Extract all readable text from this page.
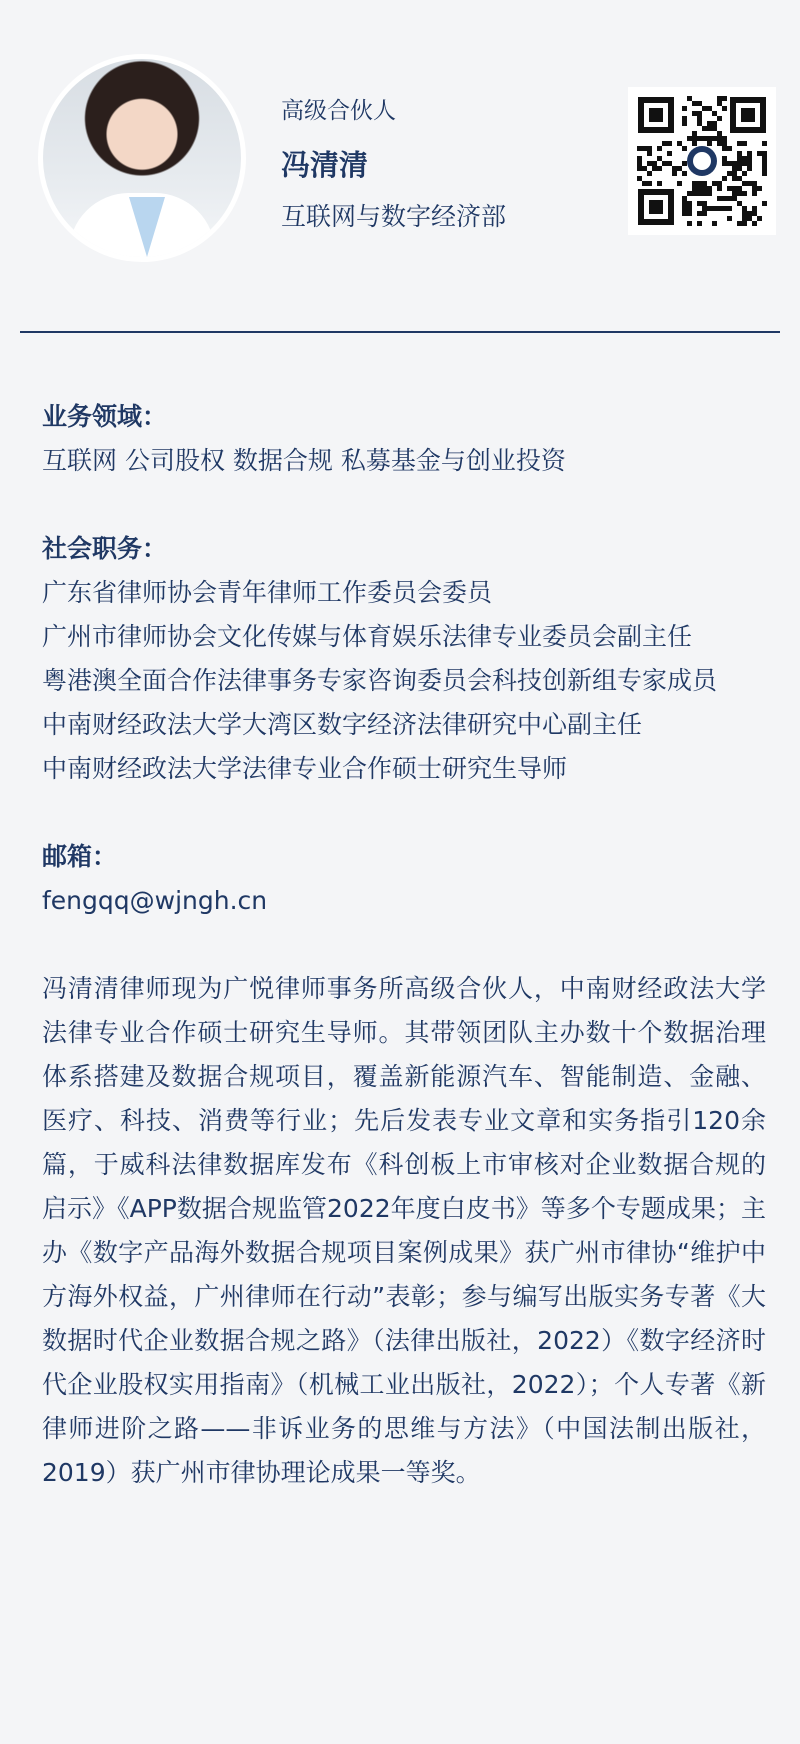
高级合伙人
冯清清
互联网与数字经济部
业务领域：
互联网 公司股权 数据合规 私募基金与创业投资
社会职务：
广东省律师协会青年律师工作委员会委员
广州市律师协会文化传媒与体育娱乐法律专业委员会副主任
粤港澳全面合作法律事务专家咨询委员会科技创新组专家成员
中南财经政法大学大湾区数字经济法律研究中心副主任
中南财经政法大学法律专业合作硕士研究生导师
邮箱：
fengqq@wjngh.cn
冯清清律师现为广悦律师事务所高级合伙人，中南财经政法大学法律专业合作硕士研究生导师。其带领团队主办数十个数据治理体系搭建及数据合规项目，覆盖新能源汽车、智能制造、金融、医疗、科技、消费等行业；先后发表专业文章和实务指引120余篇，于威科法律数据库发布《科创板上市审核对企业数据合规的启示》《APP数据合规监管2022年度白皮书》等多个专题成果；主办《数字产品海外数据合规项目案例成果》获广州市律协“维护中方海外权益，广州律师在行动”表彰；参与编写出版实务专著《大数据时代企业数据合规之路》（法律出版社，2022）《数字经济时代企业股权实用指南》（机械工业出版社，2022）；个人专著《新律师进阶之路——非诉业务的思维与方法》（中国法制出版社，2019）获广州市律协理论成果一等奖。
